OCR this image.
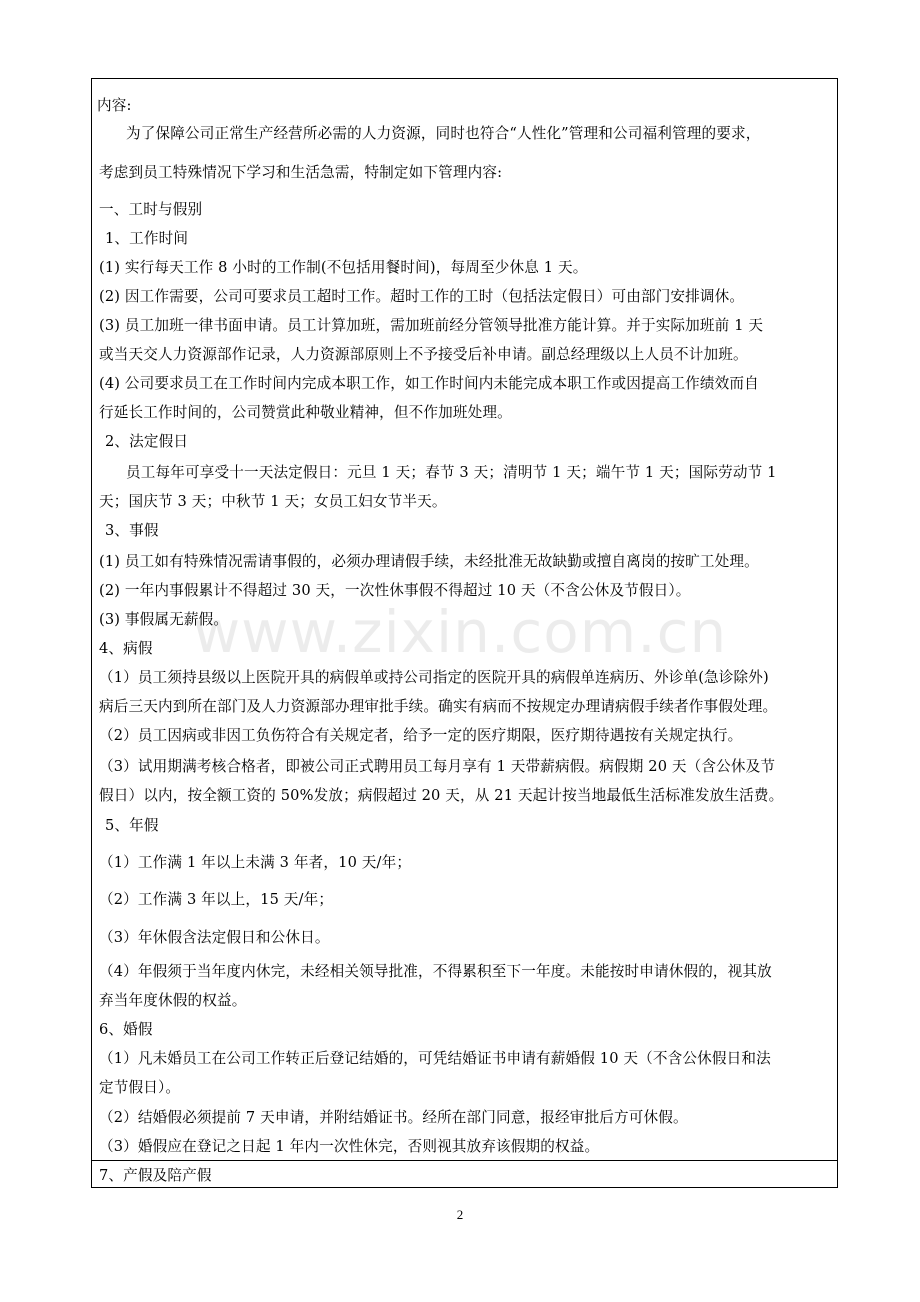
内容:
为了保障公司正常生产经营所必需的人力资源，同时也符合“人性化”管理和公司福利管理的要求，
考虑到员工特殊情况下学习和生活急需，特制定如下管理内容:
一、工时与假别
1、工作时间
(1) 实行每天工作 8 小时的工作制(不包括用餐时间)，每周至少休息 1 天。
(2) 因工作需要，公司可要求员工超时工作。超时工作的工时（包括法定假日）可由部门安排调休。
(3) 员工加班一律书面申请。员工计算加班，需加班前经分管领导批准方能计算。并于实际加班前 1 天
或当天交人力资源部作记录，人力资源部原则上不予接受后补申请。副总经理级以上人员不计加班。
(4) 公司要求员工在工作时间内完成本职工作，如工作时间内未能完成本职工作或因提高工作绩效而自
行延长工作时间的，公司赞赏此种敬业精神，但不作加班处理。
2、法定假日
员工每年可享受十一天法定假日：元旦 1 天；春节 3 天；清明节 1 天；端午节 1 天；国际劳动节 1
天；国庆节 3 天；中秋节 1 天；女员工妇女节半天。
3、事假
(1) 员工如有特殊情况需请事假的，必须办理请假手续，未经批准无故缺勤或擅自离岗的按旷工处理。
(2) 一年内事假累计不得超过 30 天，一次性休事假不得超过 10 天（不含公休及节假日）。
(3) 事假属无薪假。
4、病假
（1）员工须持县级以上医院开具的病假单或持公司指定的医院开具的病假单连病历、外诊单(急诊除外)
病后三天内到所在部门及人力资源部办理审批手续。确实有病而不按规定办理请病假手续者作事假处理。
（2）员工因病或非因工负伤符合有关规定者，给予一定的医疗期限，医疗期待遇按有关规定执行。
（3）试用期满考核合格者，即被公司正式聘用员工每月享有 1 天带薪病假。病假期 20 天（含公休及节
假日）以内，按全额工资的 50%发放；病假超过 20 天，从 21 天起计按当地最低生活标准发放生活费。
5、年假
（1）工作满 1 年以上未满 3 年者，10 天/年；
（2）工作满 3 年以上，15 天/年；
（3）年休假含法定假日和公休日。
（4）年假须于当年度内休完，未经相关领导批准，不得累积至下一年度。未能按时申请休假的，视其放
弃当年度休假的权益。
6、婚假
（1）凡未婚员工在公司工作转正后登记结婚的，可凭结婚证书申请有薪婚假 10 天（不含公休假日和法
定节假日）。
（2）结婚假必须提前 7 天申请，并附结婚证书。经所在部门同意，报经审批后方可休假。
（3）婚假应在登记之日起 1 年内一次性休完，否则视其放弃该假期的权益。
7、产假及陪产假
www.zixin.com.cn
2
